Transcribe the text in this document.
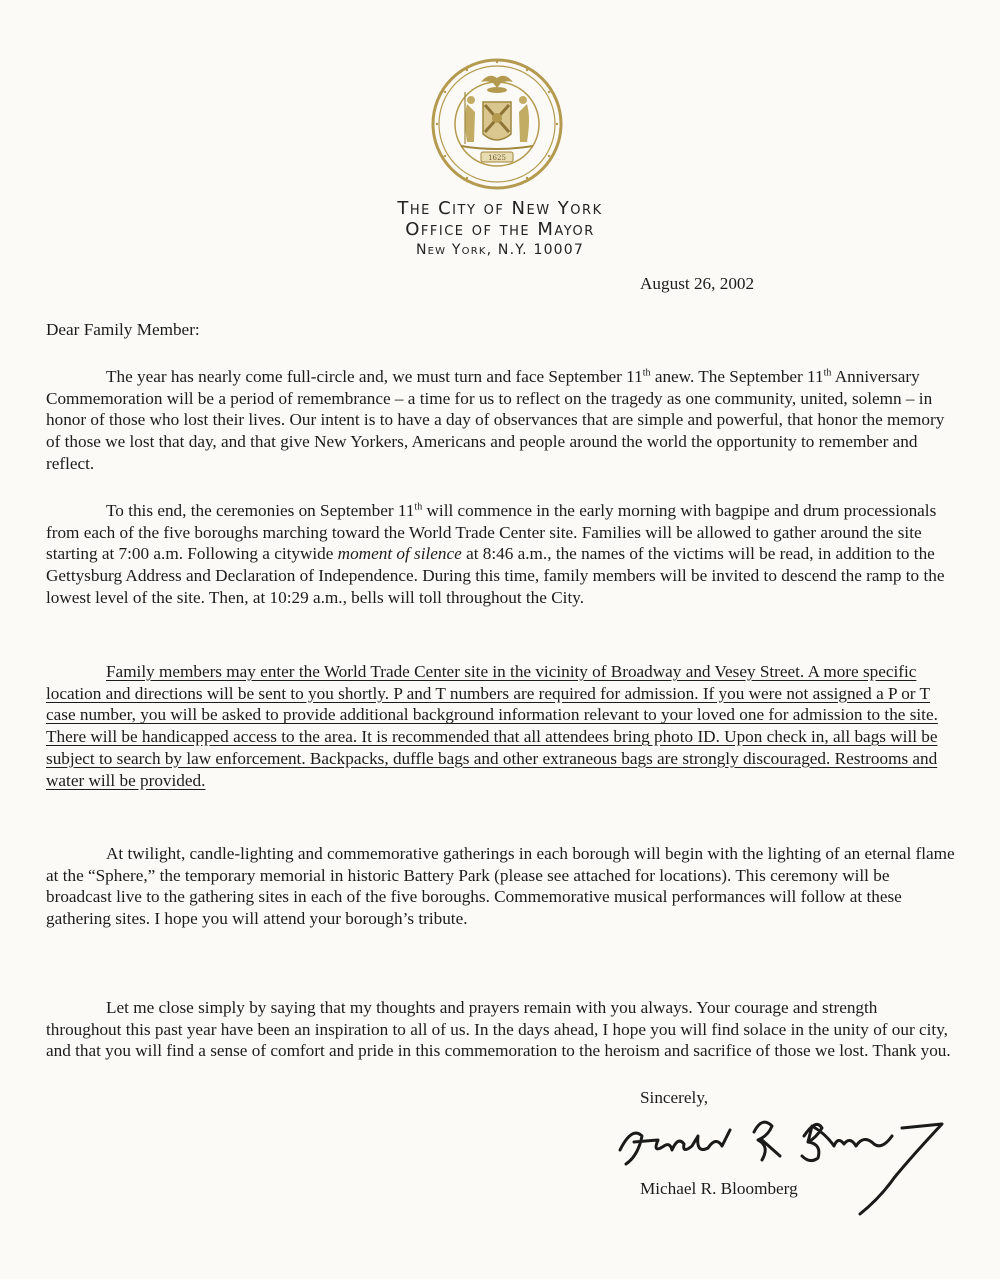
1625
The City of New York
Office of the Mayor
New York, N.Y. 10007
August 26, 2002
Dear Family Member:
The year has nearly come full-circle and, we must turn and face September 11th anew. The September 11th Anniversary Commemoration will be a period of remembrance – a time for us to reflect on the tragedy as one community, united, solemn – in honor of those who lost their lives. Our intent is to have a day of observances that are simple and powerful, that honor the memory of those we lost that day, and that give New Yorkers, Americans and people around the world the opportunity to remember and reflect.
To this end, the ceremonies on September 11th will commence in the early morning with bagpipe and drum processionals from each of the five boroughs marching toward the World Trade Center site. Families will be allowed to gather around the site starting at 7:00 a.m. Following a citywide moment of silence at 8:46 a.m., the names of the victims will be read, in addition to the Gettysburg Address and Declaration of Independence. During this time, family members will be invited to descend the ramp to the lowest level of the site. Then, at 10:29 a.m., bells will toll throughout the City.
Family members may enter the World Trade Center site in the vicinity of Broadway and Vesey Street. A more specific location and directions will be sent to you shortly. P and T numbers are required for admission. If you were not assigned a P or T case number, you will be asked to provide additional background information relevant to your loved one for admission to the site. There will be handicapped access to the area. It is recommended that all attendees bring photo ID. Upon check in, all bags will be subject to search by law enforcement. Backpacks, duffle bags and other extraneous bags are strongly discouraged. Restrooms and water will be provided.
At twilight, candle-lighting and commemorative gatherings in each borough will begin with the lighting of an eternal flame at the “Sphere,” the temporary memorial in historic Battery Park (please see attached for locations). This ceremony will be broadcast live to the gathering sites in each of the five boroughs. Commemorative musical performances will follow at these gathering sites. I hope you will attend your borough’s tribute.
Let me close simply by saying that my thoughts and prayers remain with you always. Your courage and strength throughout this past year have been an inspiration to all of us. In the days ahead, I hope you will find solace in the unity of our city, and that you will find a sense of comfort and pride in this commemoration to the heroism and sacrifice of those we lost. Thank you.
Sincerely,
Michael R. Bloomberg
